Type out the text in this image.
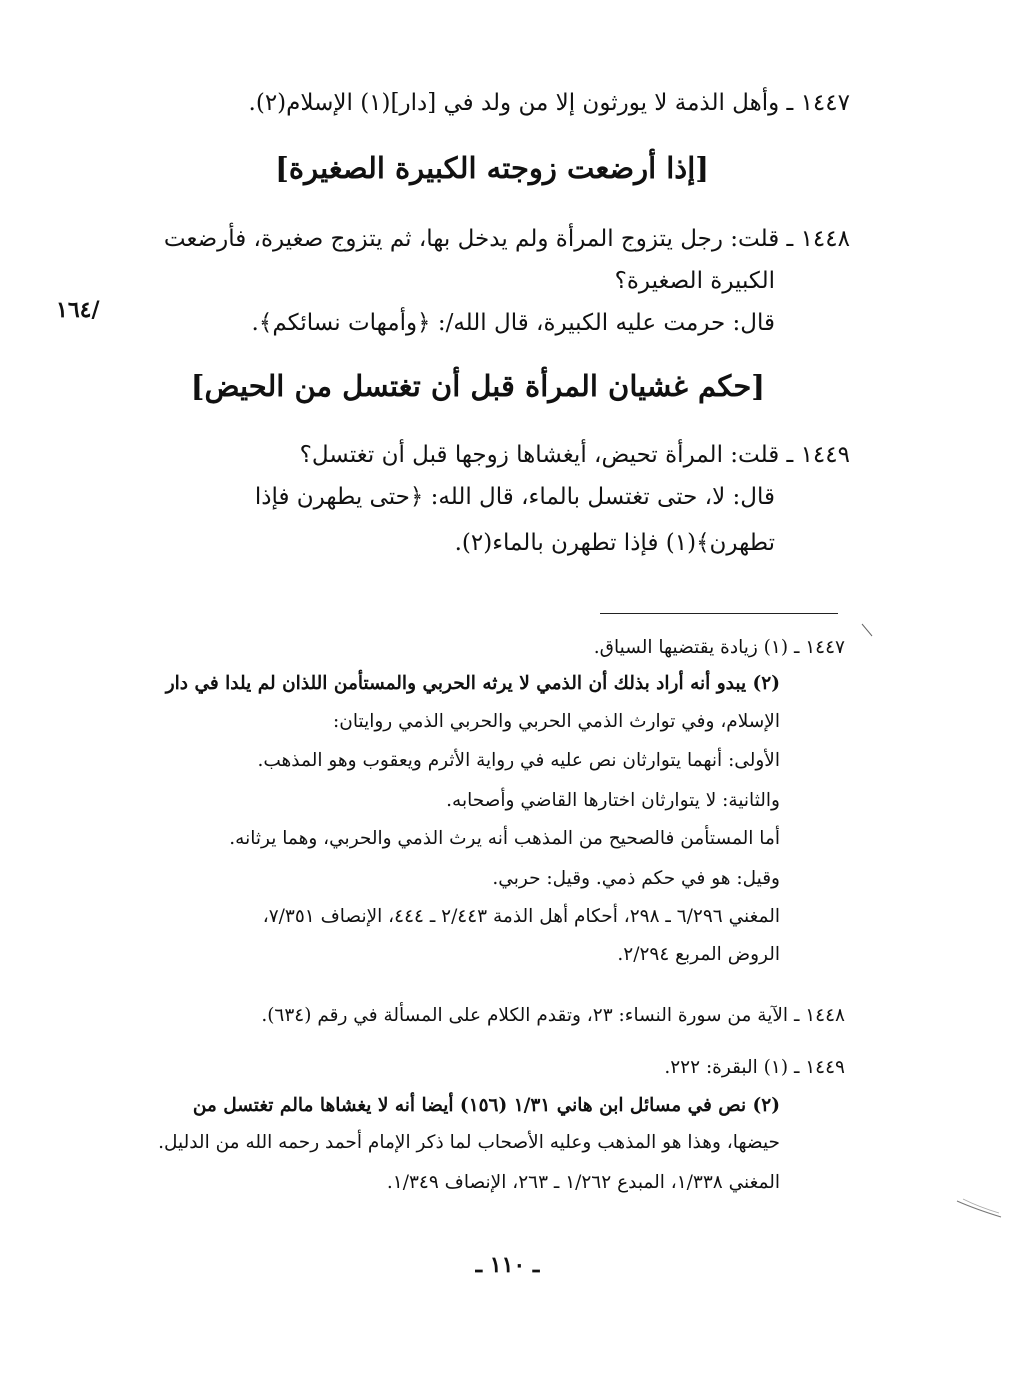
١٤٤٧ ـ وأهل الذمة لا يورثون إلا من ولد في [دار](١) الإسلام(٢).
[إذا أرضعت زوجته الكبيرة الصغيرة]
١٤٤٨ ـ قلت: رجل يتزوج المرأة ولم يدخل بها، ثم يتزوج صغيرة، فأرضعت
الكبيرة الصغيرة؟
قال: حرمت عليه الكبيرة، قال الله/: ﴿وأمهات نسائكم﴾.
/١٦٤
[حكم غشيان المرأة قبل أن تغتسل من الحيض]
١٤٤٩ ـ قلت: المرأة تحيض، أيغشاها زوجها قبل أن تغتسل؟
قال: لا، حتى تغتسل بالماء، قال الله: ﴿حتى يطهرن فإذا
تطهرن﴾(١) فإذا تطهرن بالماء(٢).
١٤٤٧ ـ (١) زيادة يقتضيها السياق.
(٢) يبدو أنه أراد بذلك أن الذمي لا يرثه الحربي والمستأمن اللذان لم يلدا في دار
الإسلام، وفي توارث الذمي الحربي والحربي الذمي روايتان:
الأولى: أنهما يتوارثان نص عليه في رواية الأثرم ويعقوب وهو المذهب.
والثانية: لا يتوارثان اختارها القاضي وأصحابه.
أما المستأمن فالصحيح من المذهب أنه يرث الذمي والحربي، وهما يرثانه.
وقيل: هو في حكم ذمي. وقيل: حربي.
المغني ٦/٢٩٦ ـ ٢٩٨، أحكام أهل الذمة ٢/٤٤٣ ـ ٤٤٤، الإنصاف ٧/٣٥١،
الروض المربع ٢/٢٩٤.
١٤٤٨ ـ الآية من سورة النساء: ٢٣، وتقدم الكلام على المسألة في رقم (٦٣٤).
١٤٤٩ ـ (١) البقرة: ٢٢٢.
(٢) نص في مسائل ابن هاني ١/٣١ (١٥٦) أيضا أنه لا يغشاها مالم تغتسل من
حيضها، وهذا هو المذهب وعليه الأصحاب لما ذكر الإمام أحمد رحمه الله من الدليل.
المغني ١/٣٣٨، المبدع ١/٢٦٢ ـ ٢٦٣، الإنصاف ١/٣٤٩.
ـ ١١٠ ـ
